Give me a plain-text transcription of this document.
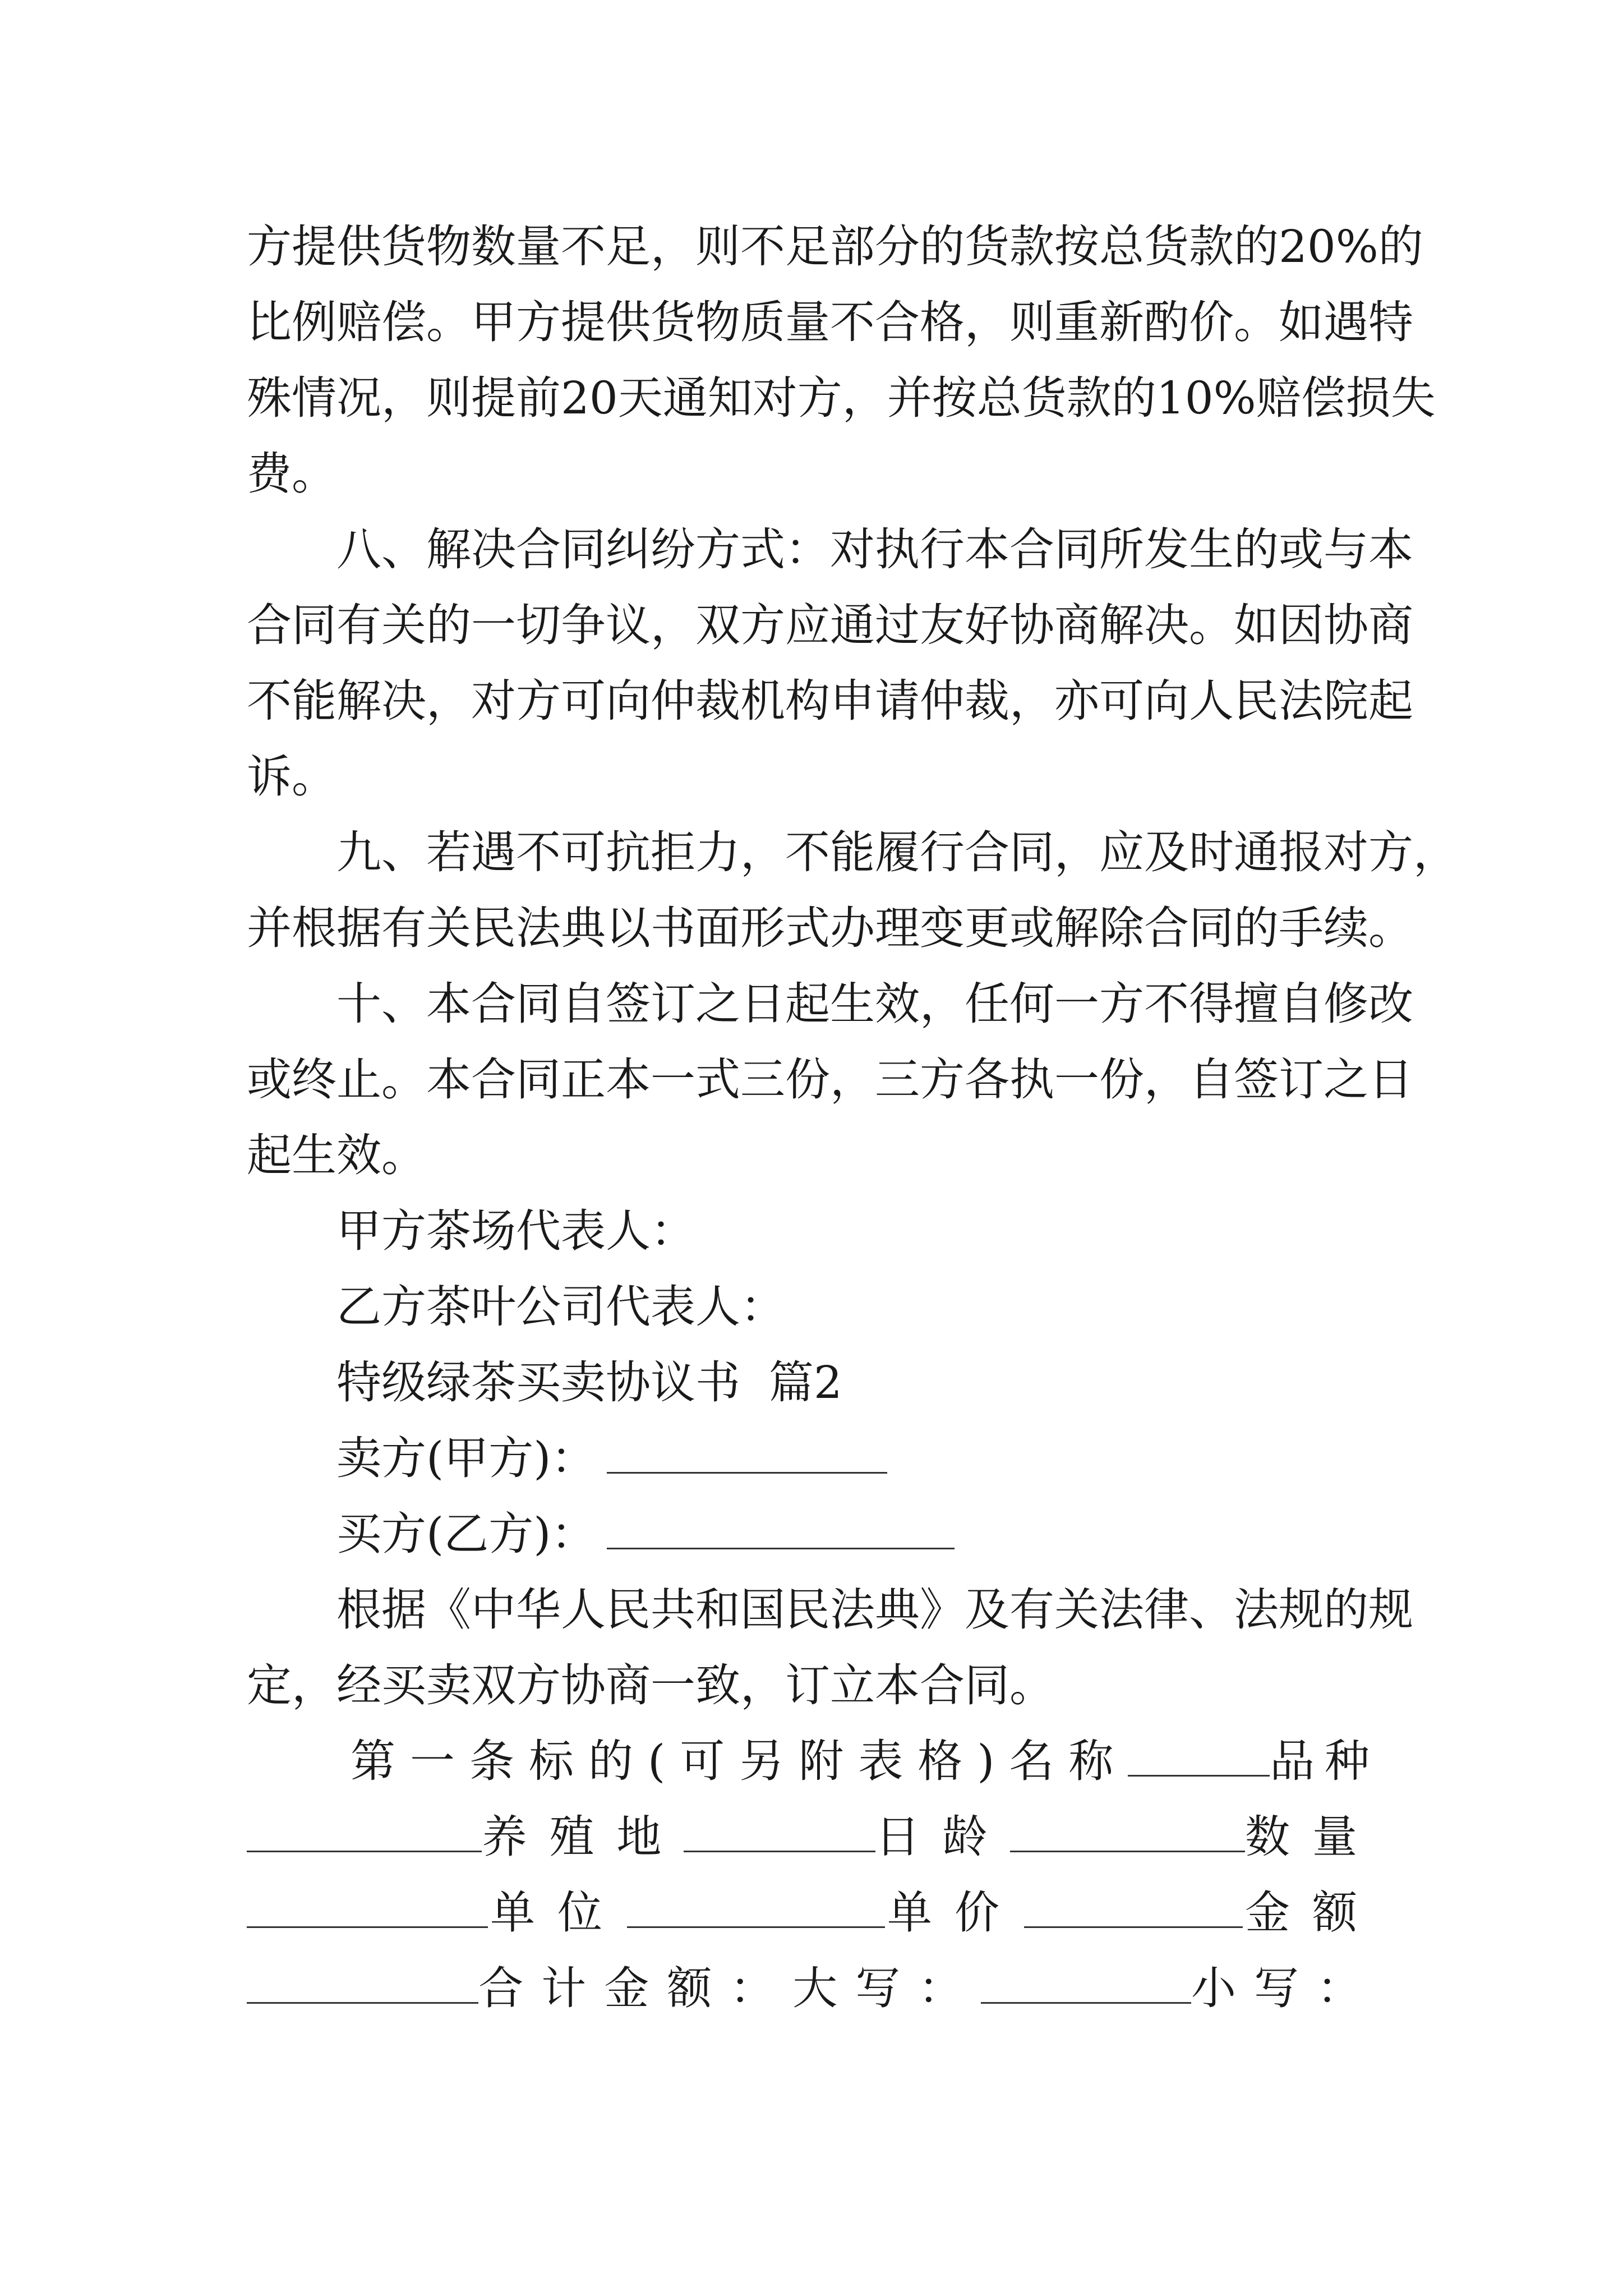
方提供货物数量不足，则不足部分的货款按总货款的20%的
比例赔偿。甲方提供货物质量不合格，则重新酌价。如遇特
殊情况，则提前20天通知对方，并按总货款的10%赔偿损失
费。
八、解决合同纠纷方式：对执行本合同所发生的或与本
合同有关的一切争议，双方应通过友好协商解决。如因协商
不能解决，对方可向仲裁机构申请仲裁，亦可向人民法院起
诉。
九、若遇不可抗拒力，不能履行合同，应及时通报对方，
并根据有关民法典以书面形式办理变更或解除合同的手续。
十、本合同自签订之日起生效，任何一方不得擅自修改
或终止。本合同正本一式三份，三方各执一份，自签订之日
起生效。
甲方茶场代表人：
乙方茶叶公司代表人：
特级绿茶买卖协议书  篇2
卖方(甲方)：
买方(乙方)：
根据《中华人民共和国民法典》及有关法律、法规的规
定，经买卖双方协商一致，订立本合同。
第一条标的(可另附表格)名称	品种
养殖地	日龄	数量
单位	单价	金额
合计金额： 大写：	小写：
